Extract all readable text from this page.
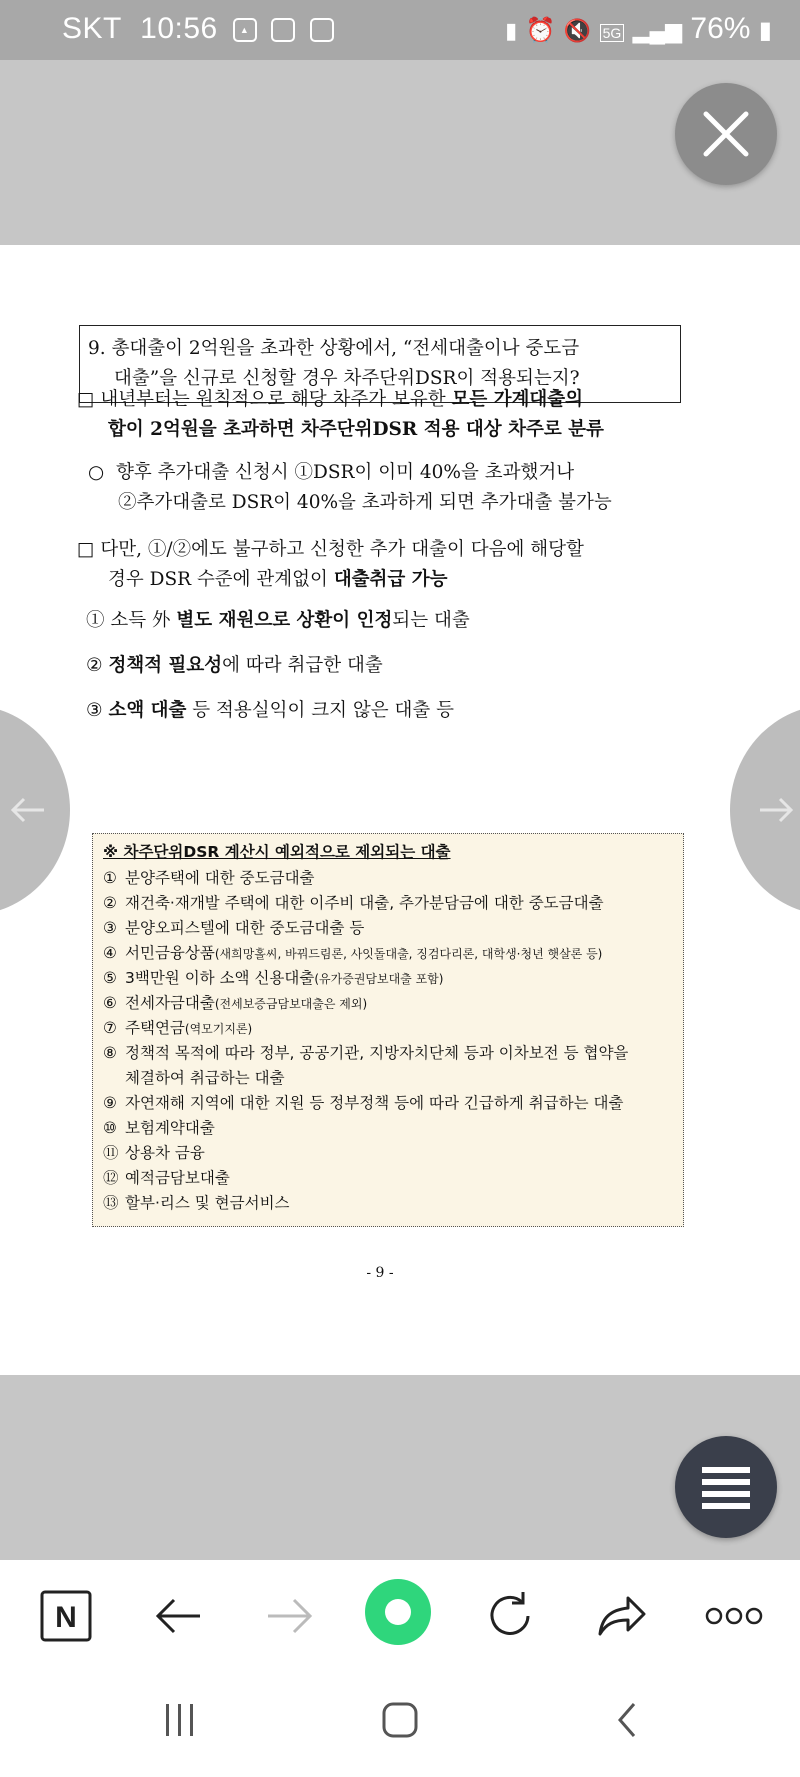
SKT 10:56 ▲	▮ ⏰ 🔇 5G ▂▄▆ 76% ▮
9. 총대출이 2억원을 초과한 상황에서, “전세대출이나 중도금
대출”을 신규로 신청할 경우 차주단위DSR이 적용되는지?
□ 내년부터는 원칙적으로 해당 차주가 보유한 모든 가계대출의
합이 2억원을 초과하면 차주단위DSR 적용 대상 차주로 분류
○ 향후 추가대출 신청시 ①DSR이 이미 40%을 초과했거나
②추가대출로 DSR이 40%을 초과하게 되면 추가대출 불가능
□ 다만, ①/②에도 불구하고 신청한 추가 대출이 다음에 해당할
경우 DSR 수준에 관계없이 대출취급 가능
① 소득 外 별도 재원으로 상환이 인정되는 대출
② 정책적 필요성에 따라 취급한 대출
③ 소액 대출 등 적용실익이 크지 않은 대출 등
※ 차주단위DSR 계산시 예외적으로 제외되는 대출
① 분양주택에 대한 중도금대출
② 재건축·재개발 주택에 대한 이주비 대출, 추가분담금에 대한 중도금대출
③ 분양오피스텔에 대한 중도금대출 등
④ 서민금융상품(새희망홀씨, 바꿔드림론, 사잇돌대출, 징검다리론, 대학생·청년 햇살론 등)
⑤ 3백만원 이하 소액 신용대출(유가증권담보대출 포함)
⑥ 전세자금대출(전세보증금담보대출은 제외)
⑦ 주택연금(역모기지론)
⑧ 정책적 목적에 따라 정부, 공공기관, 지방자치단체 등과 이차보전 등 협약을
체결하여 취급하는 대출
⑨ 자연재해 지역에 대한 지원 등 정부정책 등에 따라 긴급하게 취급하는 대출
⑩ 보험계약대출
⑪ 상용차 금융
⑫ 예적금담보대출
⑬ 할부·리스 및 현금서비스
- 9 -
N
